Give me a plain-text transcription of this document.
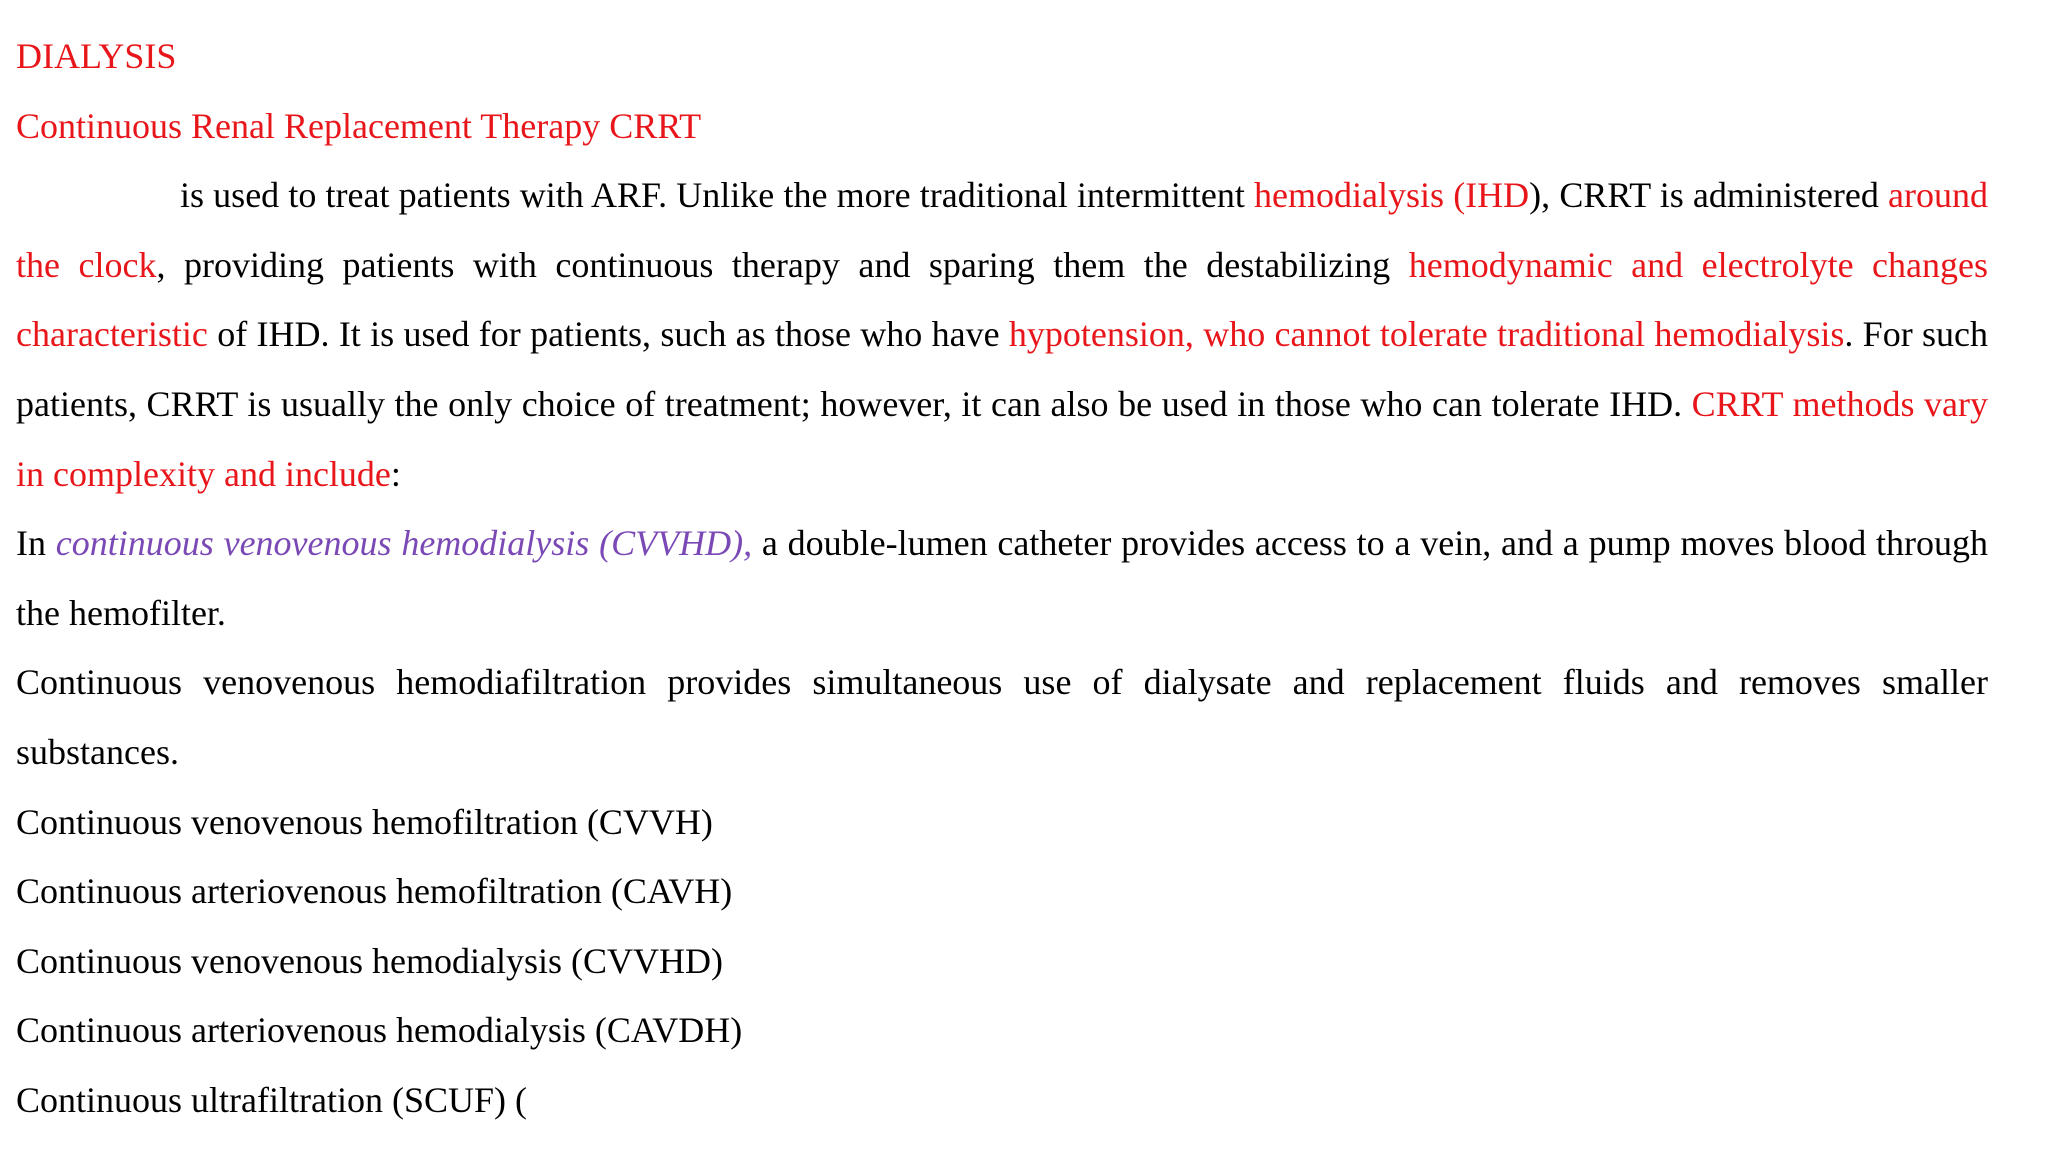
DIALYSIS

Continuous Renal Replacement Therapy CRRT

is used to treat patients with ARF. Unlike the more traditional intermittent hemodialysis (IHD), CRRT is administered around the clock, providing patients with continuous therapy and sparing them the destabilizing hemodynamic and electrolyte changes characteristic of IHD. It is used for patients, such as those who have hypotension, who cannot tolerate traditional hemodialysis. For such patients, CRRT is usually the only choice of treatment; however, it can also be used in those who can tolerate IHD. CRRT methods vary in complexity and include:

In continuous venovenous hemodialysis (CVVHD), a double-lumen catheter provides access to a vein, and a pump moves blood through the hemofilter.

Continuous venovenous hemodiafiltration provides simultaneous use of dialysate and replacement fluids and removes smaller substances.

Continuous venovenous hemofiltration (CVVH)

Continuous arteriovenous hemofiltration (CAVH)

Continuous venovenous hemodialysis (CVVHD)

Continuous arteriovenous hemodialysis (CAVDH)

Continuous ultrafiltration (SCUF) (
